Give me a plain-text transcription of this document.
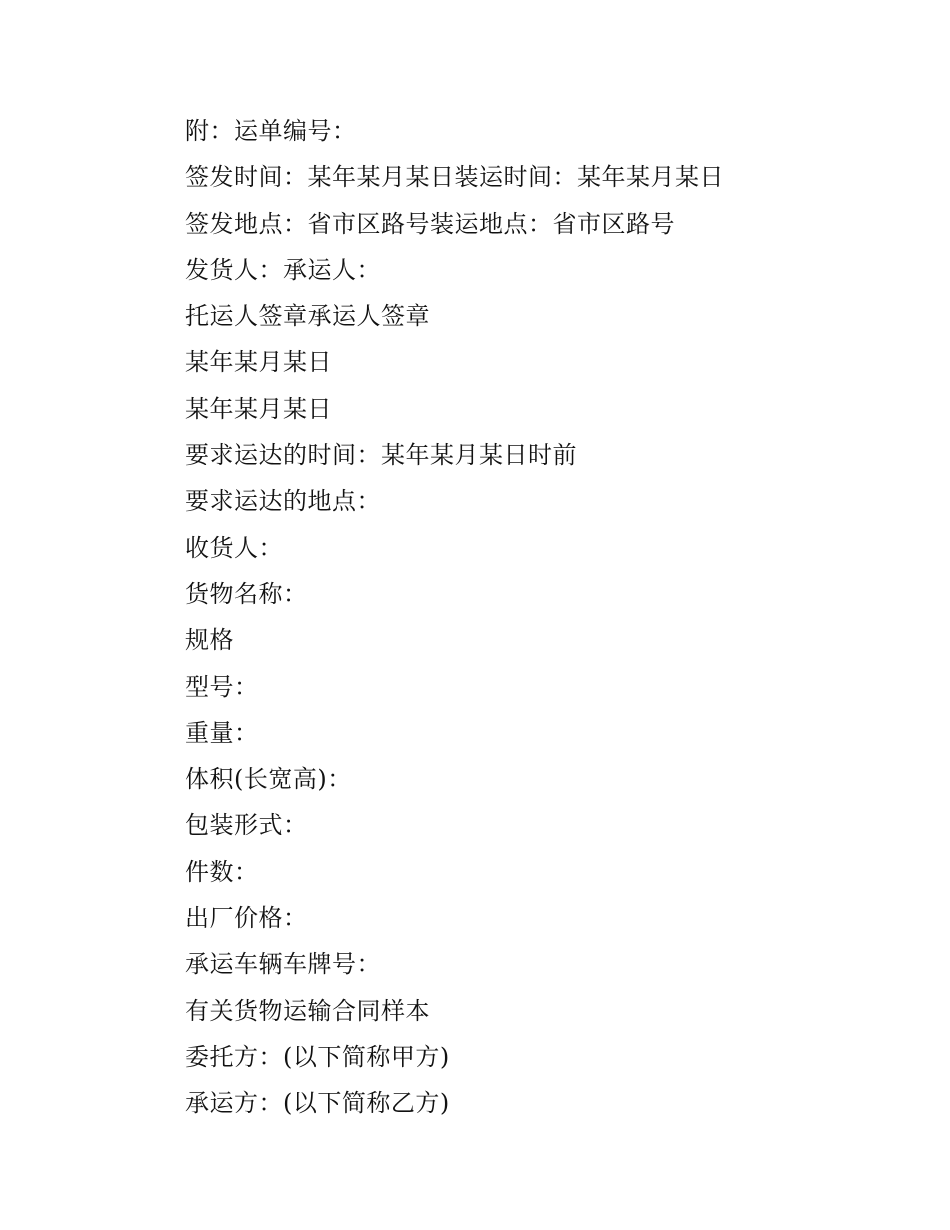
附：运单编号：
签发时间：某年某月某日装运时间：某年某月某日
签发地点：省市区路号装运地点：省市区路号
发货人：承运人：
托运人签章承运人签章
某年某月某日
某年某月某日
要求运达的时间：某年某月某日时前
要求运达的地点：
收货人：
货物名称：
规格
型号：
重量：
体积(长宽高)：
包装形式：
件数：
出厂价格：
承运车辆车牌号：
有关货物运输合同样本
委托方：(以下简称甲方)
承运方：(以下简称乙方)
